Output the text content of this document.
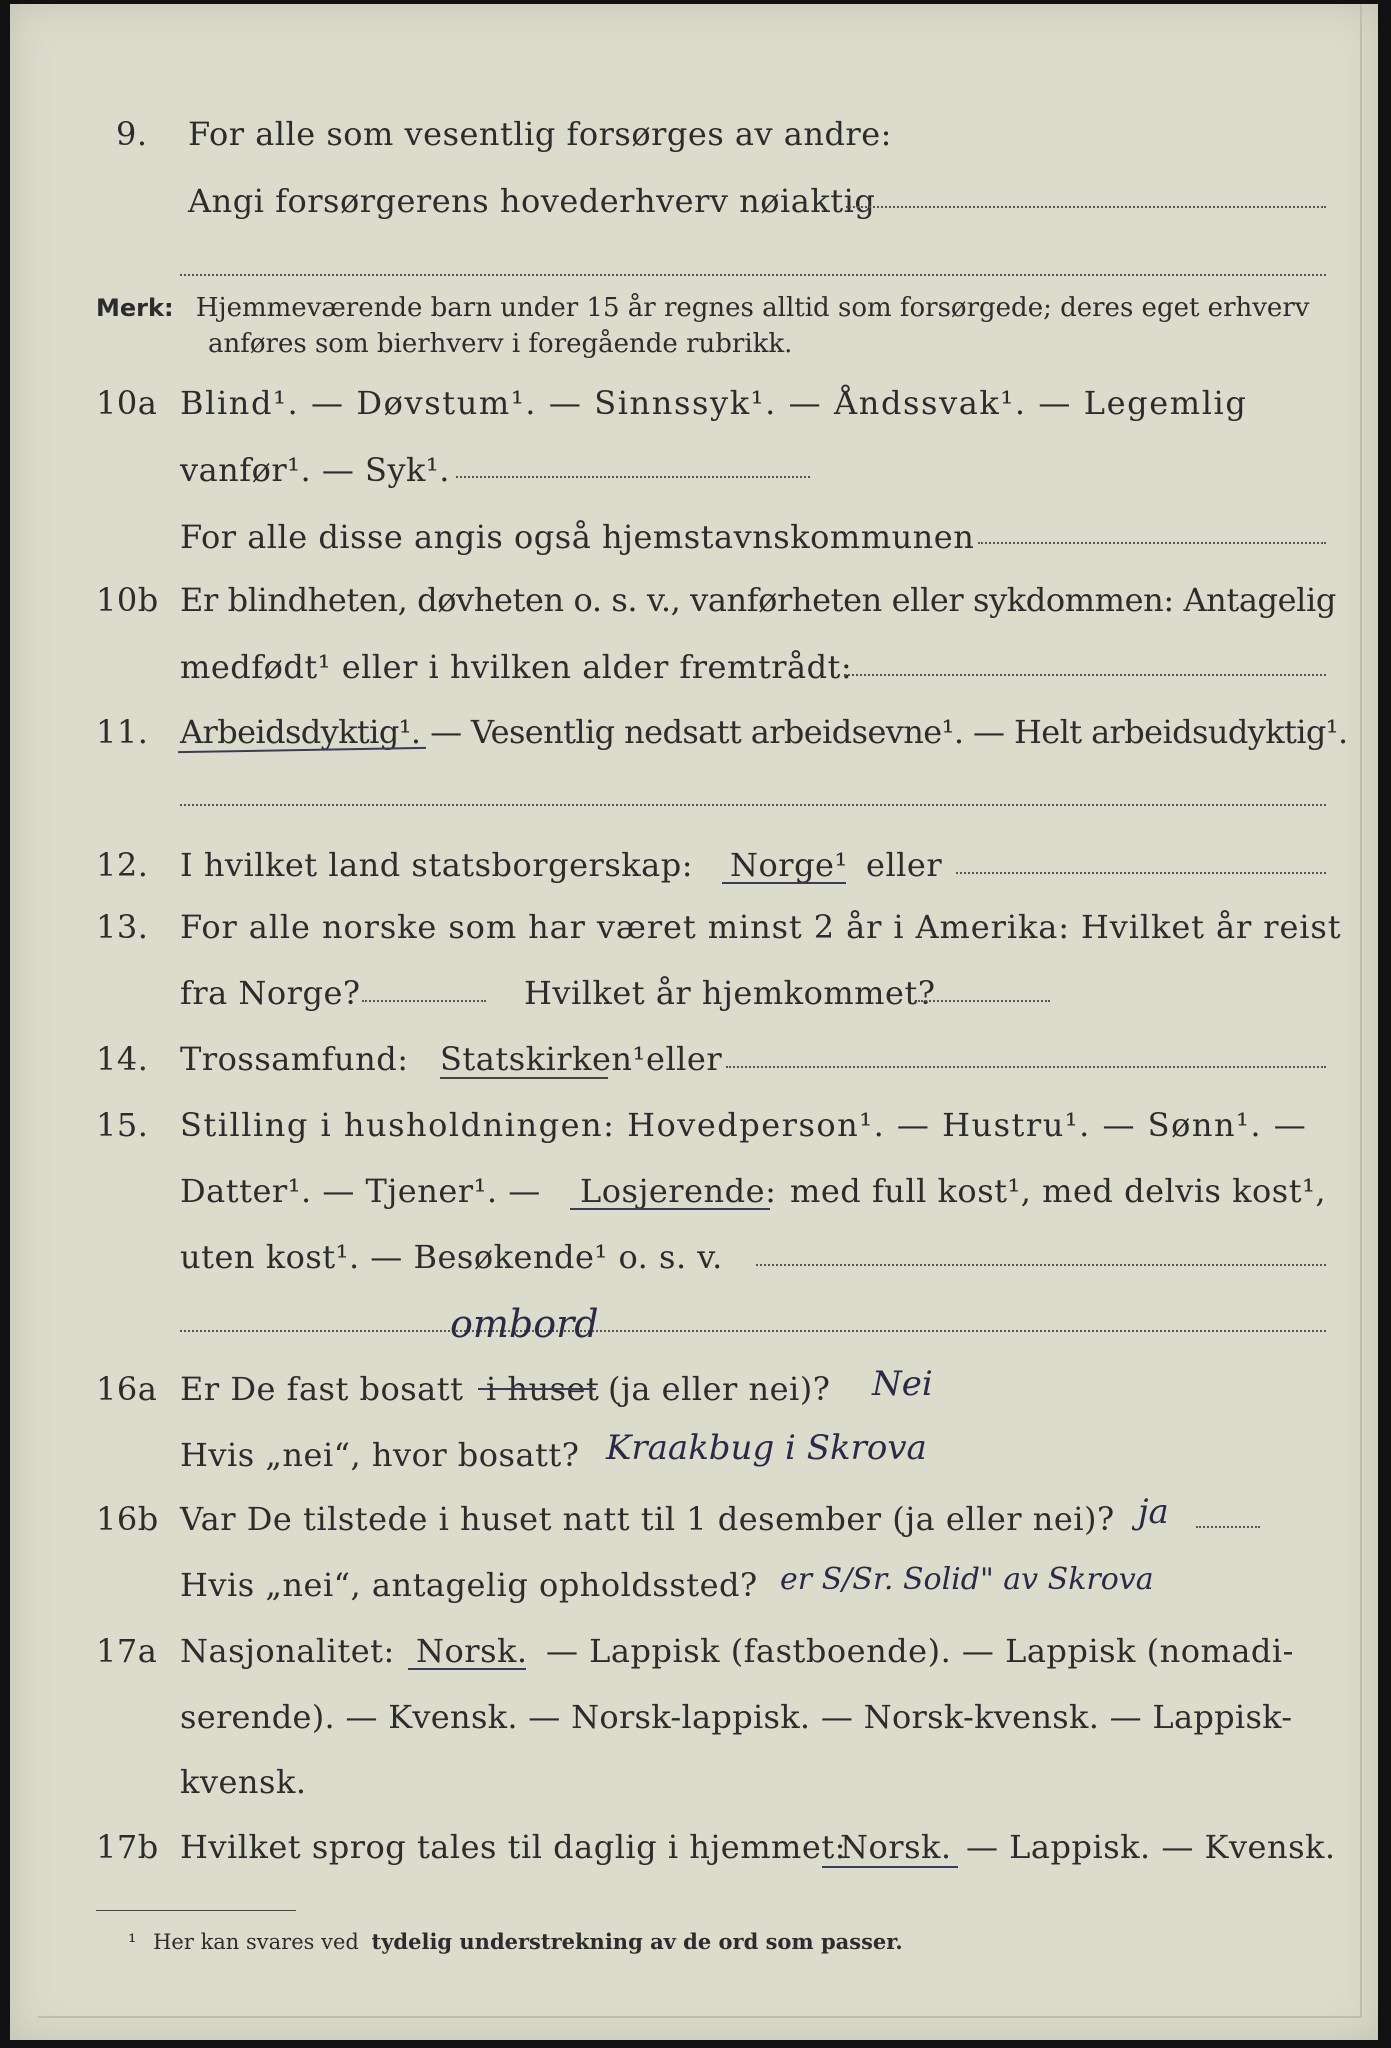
9. For alle som vesentlig forsørges av andre:
Angi forsørgerens hovederhverv nøiaktig
Merk: Hjemmeværende barn under 15 år regnes alltid som forsørgede; deres eget erhverv
anføres som bierhverv i foregående rubrikk.
10a Blind¹. — Døvstum¹. — Sinnssyk¹. — Åndssvak¹. — Legemlig
vanfør¹. — Syk¹.
For alle disse angis også hjemstavnskommunen
10b Er blindheten, døvheten o. s. v., vanførheten eller sykdommen: Antagelig
medfødt¹ eller i hvilken alder fremtrådt:
11. Arbeidsdyktig¹. — Vesentlig nedsatt arbeidsevne¹. — Helt arbeidsudyktig¹.
12. I hvilket land statsborgerskap: Norge¹ eller
13. For alle norske som har været minst 2 år i Amerika: Hvilket år reist
fra Norge?	Hvilket år hjemkommet?
14. Trossamfund: Statskirken¹ eller
15. Stilling i husholdningen: Hovedperson¹. — Hustru¹. — Sønn¹. —
Datter¹. — Tjener¹. — Losjerende: med full kost¹, med delvis kost¹,
uten kost¹. — Besøkende¹ o. s. v.
ombord
16a Er De fast bosatt i huset (ja eller nei)? Nei
Hvis „nei“, hvor bosatt? Kraakbug i Skrova
16b Var De tilstede i huset natt til 1 desember (ja eller nei)? ja
Hvis „nei“, antagelig opholdssted? er S/Sr. Solid" av Skrova
17a Nasjonalitet: Norsk. — Lappisk (fastboende). — Lappisk (nomadi-
serende). — Kvensk. — Norsk-lappisk. — Norsk-kvensk. — Lappisk-
kvensk.
17b Hvilket sprog tales til daglig i hjemmet:
Norsk. — Lappisk. — Kvensk.
¹ Her kan svares ved tydelig understrekning av de ord som passer.
